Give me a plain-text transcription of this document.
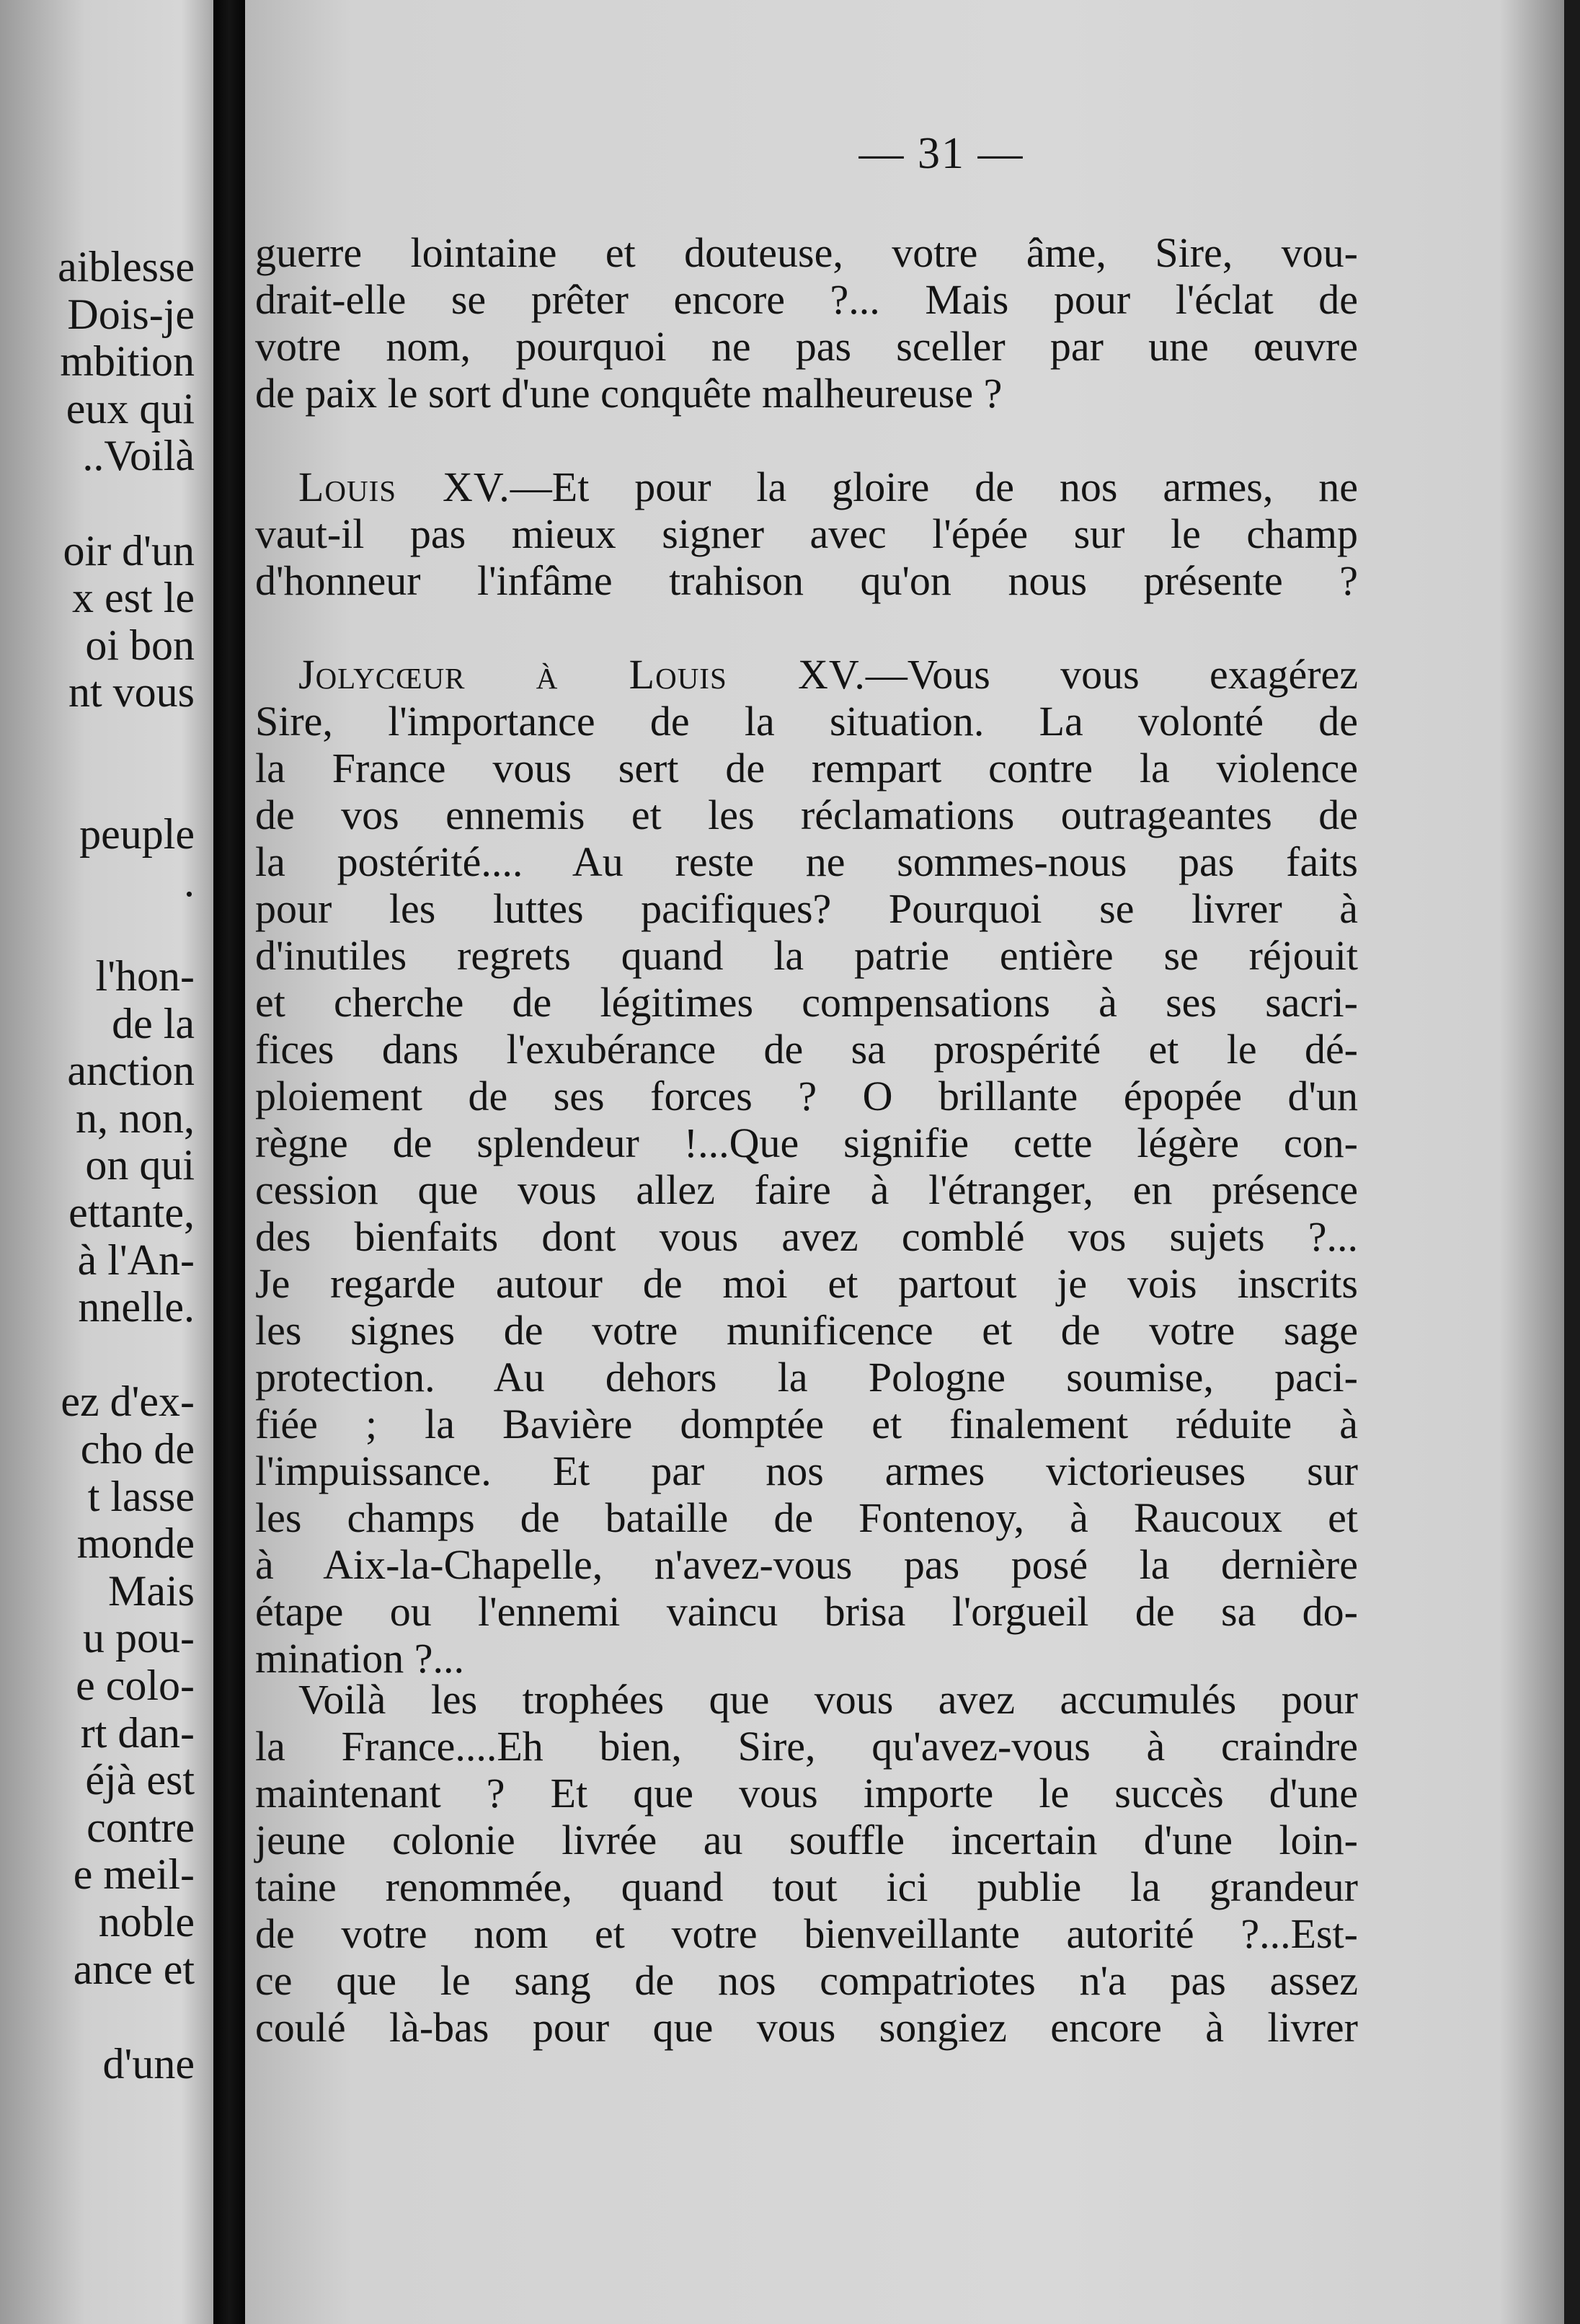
aiblesse
Dois-je
mbition
eux qui
..Voilà
oir d'un
x est le
oi bon
nt vous
peuple
.
l'hon-
de la
anction
n, non,
on qui
ettante,
à l'An-
nnelle.
ez d'ex-
cho de
t lasse
monde
Mais
u pou-
e colo-
rt dan-
éjà est
contre
e meil-
noble
ance et
d'une
— 31 —
guerre lointaine et douteuse, votre âme, Sire, vou-
drait-elle se prêter encore ?... Mais pour l'éclat de
votre nom, pourquoi ne pas sceller par une œuvre
de paix le sort d'une conquête malheureuse ?
Louis XV.—Et pour la gloire de nos armes, ne
vaut-il pas mieux signer avec l'épée sur le champ
d'honneur l'infâme trahison qu'on nous présente ?
Jolycœur à Louis XV.—Vous vous exagérez
Sire, l'importance de la situation. La volonté de
la France vous sert de rempart contre la violence
de vos ennemis et les réclamations outrageantes de
la postérité.... Au reste ne sommes-nous pas faits
pour les luttes pacifiques? Pourquoi se livrer à
d'inutiles regrets quand la patrie entière se réjouit
et cherche de légitimes compensations à ses sacri-
fices dans l'exubérance de sa prospérité et le dé-
ploiement de ses forces ? O brillante épopée d'un
règne de splendeur !...Que signifie cette légère con-
cession que vous allez faire à l'étranger, en présence
des bienfaits dont vous avez comblé vos sujets ?...
Je regarde autour de moi et partout je vois inscrits
les signes de votre munificence et de votre sage
protection. Au dehors la Pologne soumise, paci-
fiée ; la Bavière domptée et finalement réduite à
l'impuissance. Et par nos armes victorieuses sur
les champs de bataille de Fontenoy, à Raucoux et
à Aix-la-Chapelle, n'avez-vous pas posé la dernière
étape ou l'ennemi vaincu brisa l'orgueil de sa do-
mination ?...
Voilà les trophées que vous avez accumulés pour
la France....Eh bien, Sire, qu'avez-vous à craindre
maintenant ? Et que vous importe le succès d'une
jeune colonie livrée au souffle incertain d'une loin-
taine renommée, quand tout ici publie la grandeur
de votre nom et votre bienveillante autorité ?...Est-
ce que le sang de nos compatriotes n'a pas assez
coulé là-bas pour que vous songiez encore à livrer
